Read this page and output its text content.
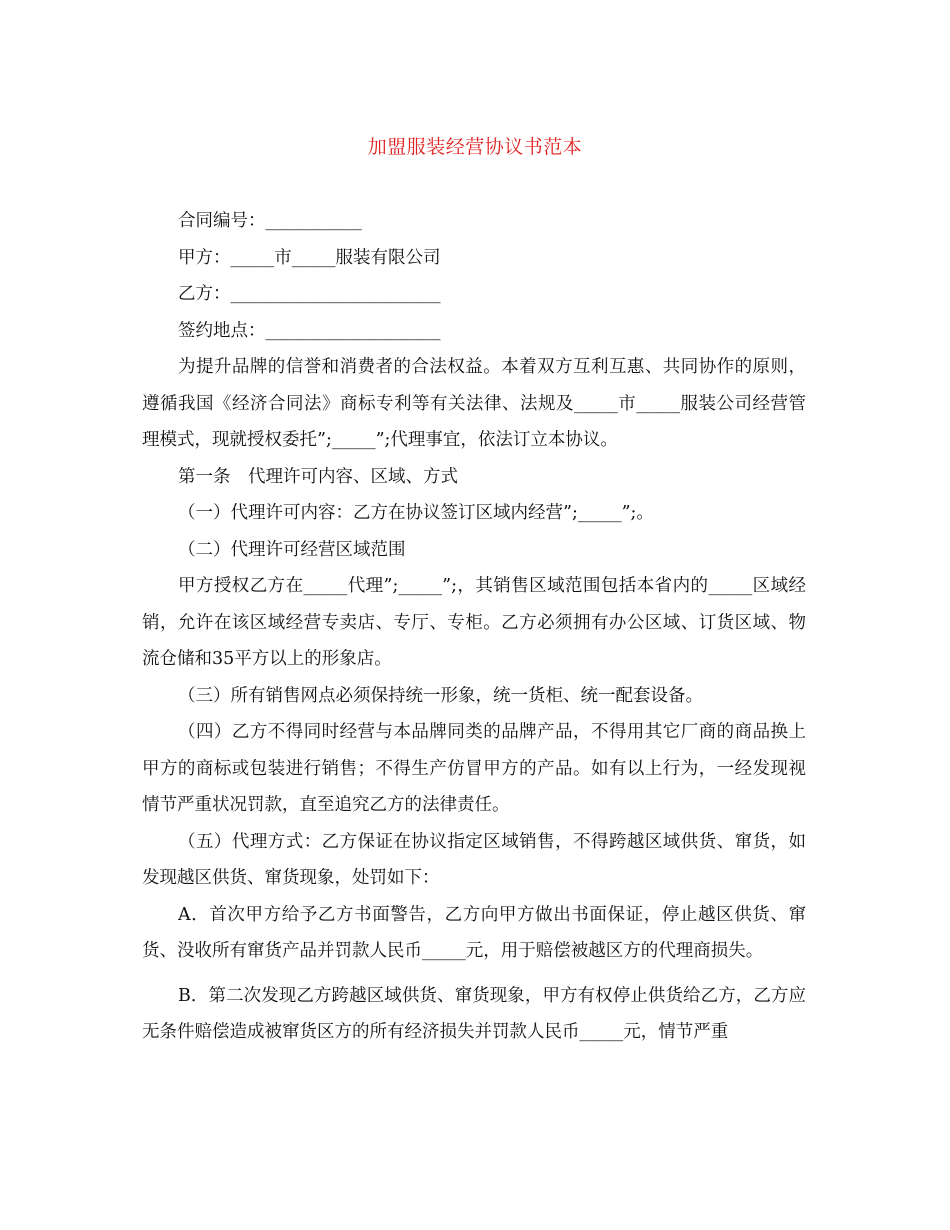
加盟服装经营协议书范本

合同编号：___________

甲方：_____市_____服装有限公司

乙方：________________________

签约地点：____________________

为提升品牌的信誉和消费者的合法权益。本着双方互利互惠、共同协作的原则，遵循我国《经济合同法》商标专利等有关法律、法规及_____市_____服装公司经营管理模式，现就授权委托”;_____”;代理事宜，依法订立本协议。

第一条　代理许可内容、区域、方式

（一）代理许可内容：乙方在协议签订区域内经营”;_____”;。

（二）代理许可经营区域范围

甲方授权乙方在_____代理”;_____”;，其销售区域范围包括本省内的_____区域经销，允许在该区域经营专卖店、专厅、专柜。乙方必须拥有办公区域、订货区域、物流仓储和35平方以上的形象店。

（三）所有销售网点必须保持统一形象，统一货柜、统一配套设备。

（四）乙方不得同时经营与本品牌同类的品牌产品，不得用其它厂商的商品换上甲方的商标或包装进行销售；不得生产仿冒甲方的产品。如有以上行为，一经发现视情节严重状况罚款，直至追究乙方的法律责任。

（五）代理方式：乙方保证在协议指定区域销售，不得跨越区域供货、窜货，如发现越区供货、窜货现象，处罚如下：

A．首次甲方给予乙方书面警告，乙方向甲方做出书面保证，停止越区供货、窜货、没收所有窜货产品并罚款人民币_____元，用于赔偿被越区方的代理商损失。

B．第二次发现乙方跨越区域供货、窜货现象，甲方有权停止供货给乙方，乙方应无条件赔偿造成被窜货区方的所有经济损失并罚款人民币_____元，情节严重
